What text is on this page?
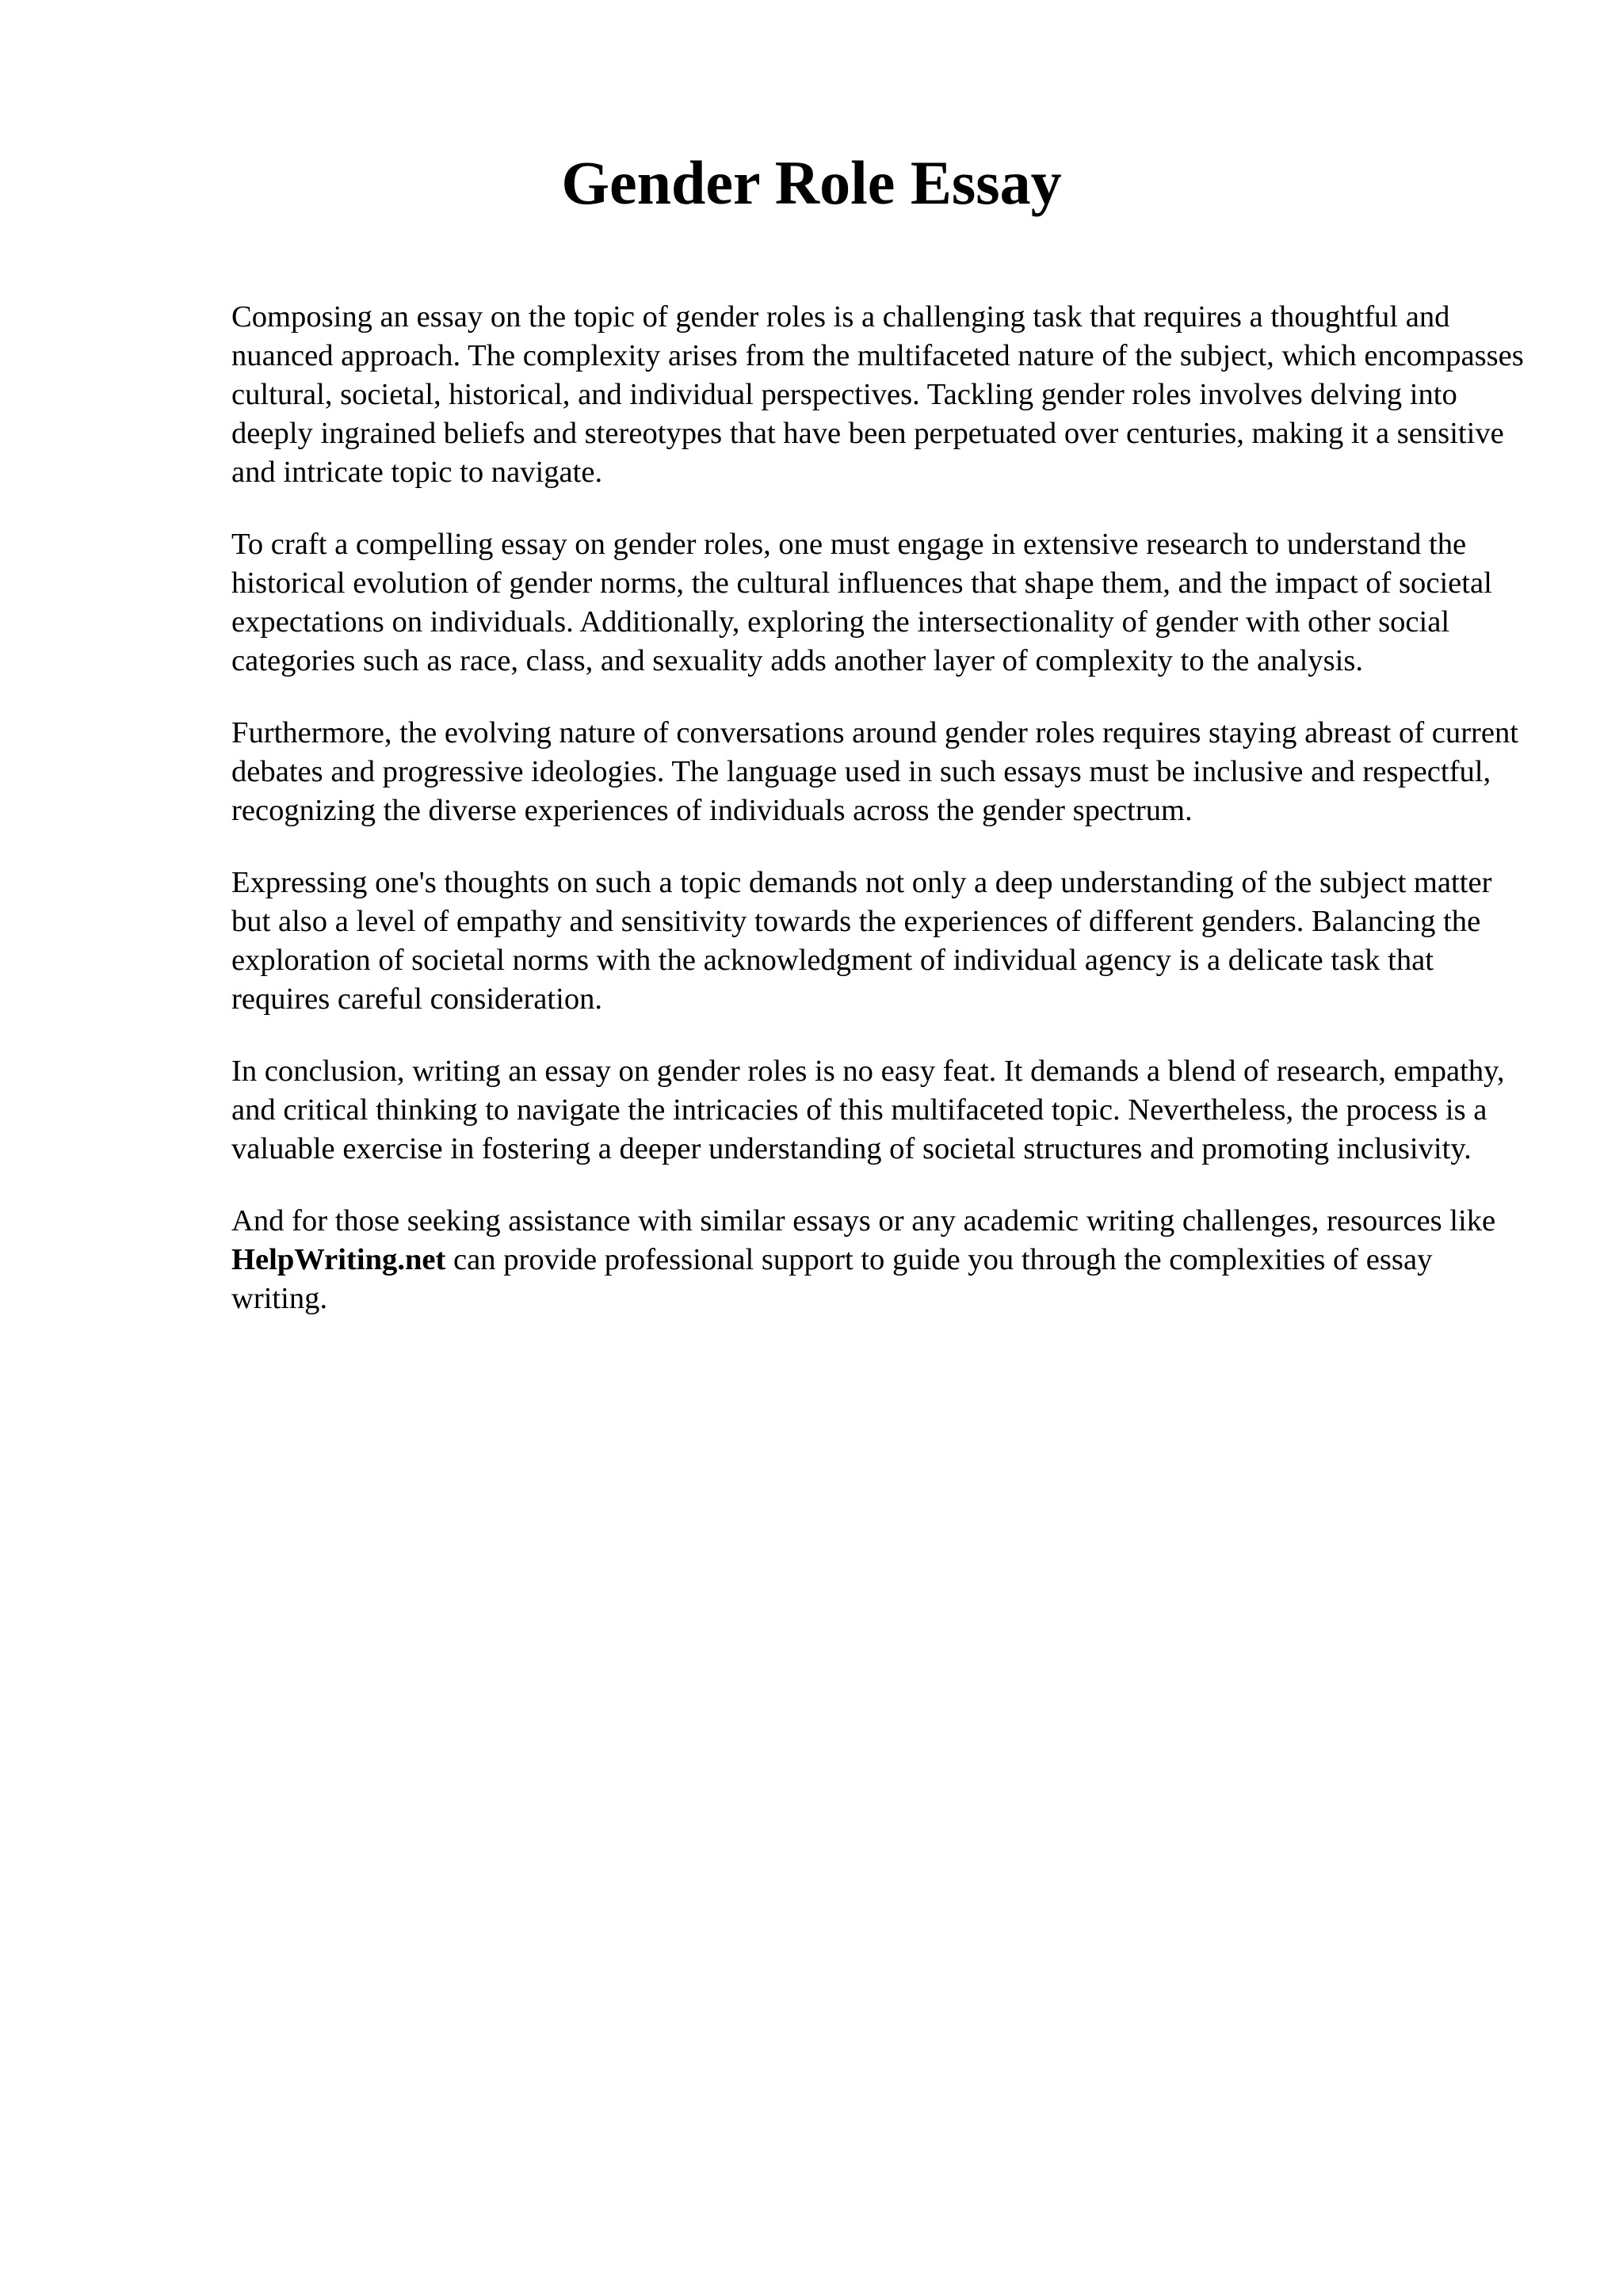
Gender Role Essay

Composing an essay on the topic of gender roles is a challenging task that requires a thoughtful and nuanced approach. The complexity arises from the multifaceted nature of the subject, which encompasses cultural, societal, historical, and individual perspectives. Tackling gender roles involves delving into deeply ingrained beliefs and stereotypes that have been perpetuated over centuries, making it a sensitive and intricate topic to navigate.

To craft a compelling essay on gender roles, one must engage in extensive research to understand the historical evolution of gender norms, the cultural influences that shape them, and the impact of societal expectations on individuals. Additionally, exploring the intersectionality of gender with other social categories such as race, class, and sexuality adds another layer of complexity to the analysis.

Furthermore, the evolving nature of conversations around gender roles requires staying abreast of current debates and progressive ideologies. The language used in such essays must be inclusive and respectful, recognizing the diverse experiences of individuals across the gender spectrum.

Expressing one's thoughts on such a topic demands not only a deep understanding of the subject matter but also a level of empathy and sensitivity towards the experiences of different genders. Balancing the exploration of societal norms with the acknowledgment of individual agency is a delicate task that requires careful consideration.

In conclusion, writing an essay on gender roles is no easy feat. It demands a blend of research, empathy, and critical thinking to navigate the intricacies of this multifaceted topic. Nevertheless, the process is a valuable exercise in fostering a deeper understanding of societal structures and promoting inclusivity.

And for those seeking assistance with similar essays or any academic writing challenges, resources like HelpWriting.net can provide professional support to guide you through the complexities of essay writing.
